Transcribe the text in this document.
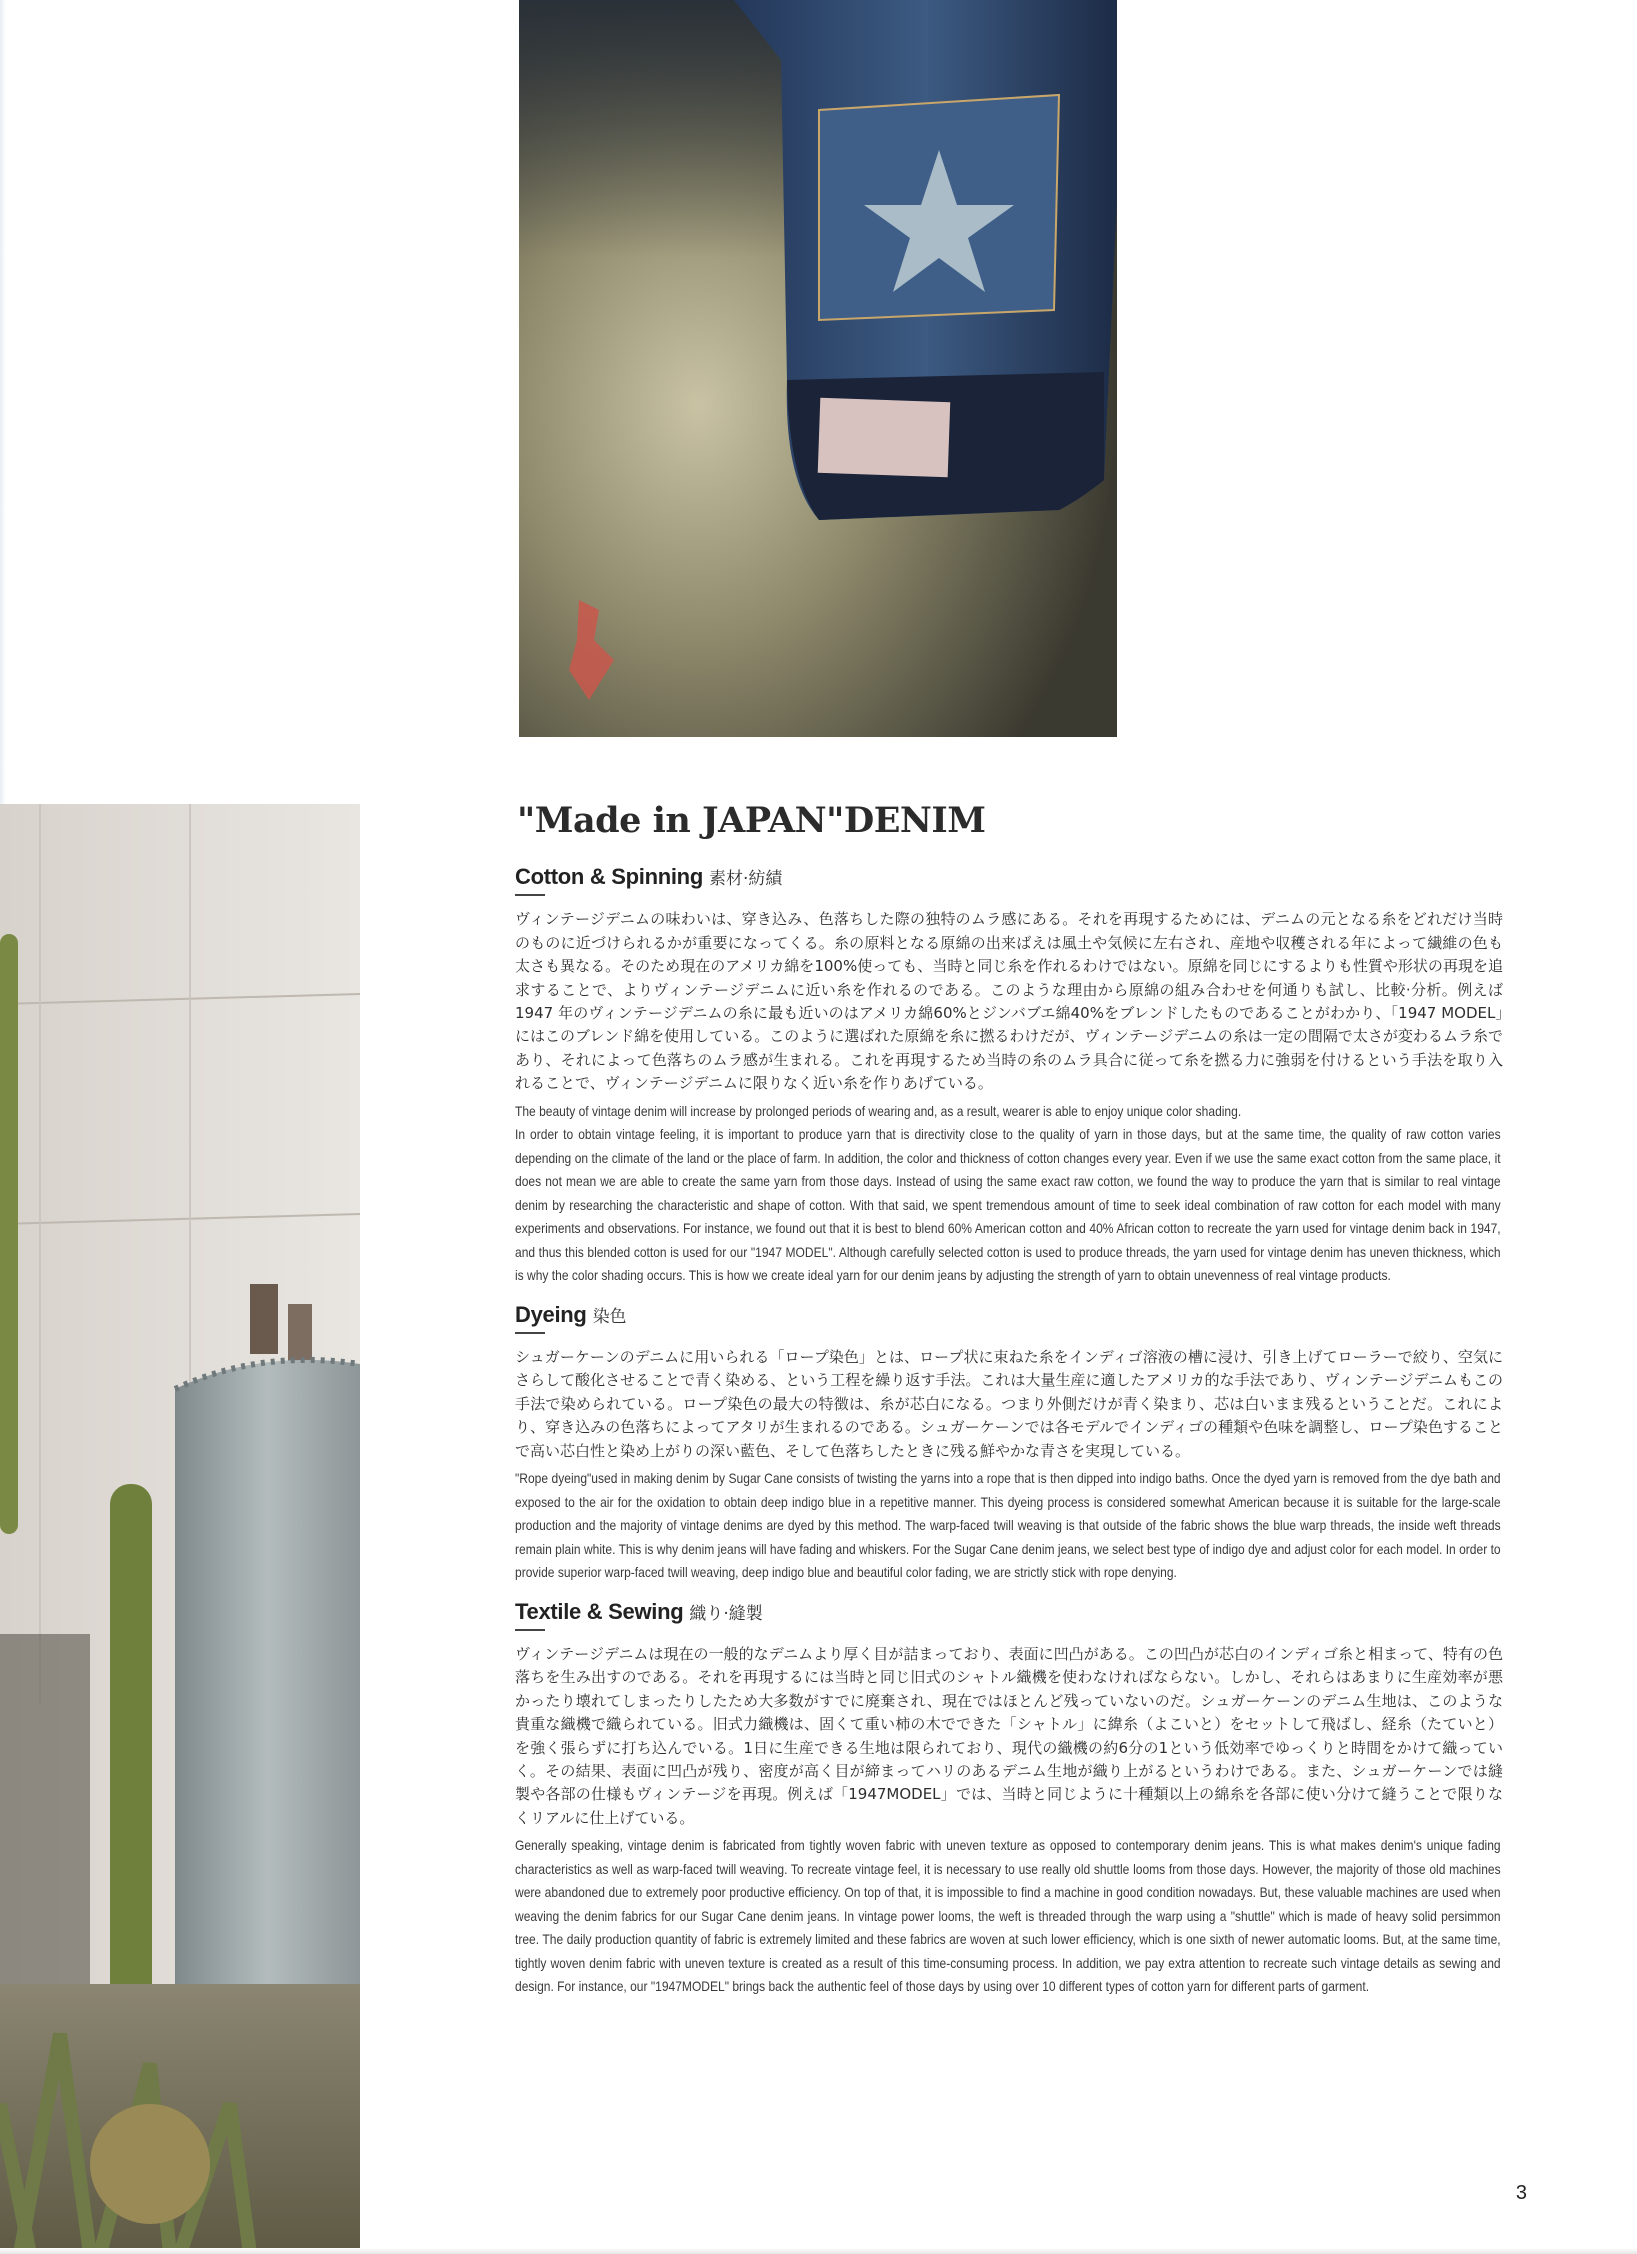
"Made in JAPAN"DENIM
Cotton & Spinning 素材·紡績

ヴィンテージデニムの味わいは、穿き込み、色落ちした際の独特のムラ感にある。それを再現するためには、デニムの元となる糸をどれだけ当時のものに近づけられるかが重要になってくる。糸の原料となる原綿の出来ばえは風土や気候に左右され、産地や収穫される年によって繊維の色も太さも異なる。そのため現在のアメリカ綿を100%使っても、当時と同じ糸を作れるわけではない。原綿を同じにするよりも性質や形状の再現を追求することで、よりヴィンテージデニムに近い糸を作れるのである。このような理由から原綿の組み合わせを何通りも試し、比較·分析。例えば1947 年のヴィンテージデニムの糸に最も近いのはアメリカ綿60%とジンバブエ綿40%をブレンドしたものであることがわかり、「1947 MODEL」にはこのブレンド綿を使用している。このように選ばれた原綿を糸に撚るわけだが、ヴィンテージデニムの糸は一定の間隔で太さが変わるムラ糸であり、それによって色落ちのムラ感が生まれる。これを再現するため当時の糸のムラ具合に従って糸を撚る力に強弱を付けるという手法を取り入れることで、ヴィンテージデニムに限りなく近い糸を作りあげている。

The beauty of vintage denim will increase by prolonged periods of wearing and, as a result, wearer is able to enjoy unique color shading.

In order to obtain vintage feeling, it is important to produce yarn that is directivity close to the quality of yarn in those days, but at the same time, the quality of raw cotton varies depending on the climate of the land or the place of farm. In addition, the color and thickness of cotton changes every year. Even if we use the same exact cotton from the same place, it does not mean we are able to create the same yarn from those days. Instead of using the same exact raw cotton, we found the way to produce the yarn that is similar to real vintage denim by researching the characteristic and shape of cotton. With that said, we spent tremendous amount of time to seek ideal combination of raw cotton for each model with many experiments and observations. For instance, we found out that it is best to blend 60% American cotton and 40% African cotton to recreate the yarn used for vintage denim back in 1947, and thus this blended cotton is used for our "1947 MODEL". Although carefully selected cotton is used to produce threads, the yarn used for vintage denim has uneven thickness, which is why the color shading occurs. This is how we create ideal yarn for our denim jeans by adjusting the strength of yarn to obtain unevenness of real vintage products.

Dyeing 染色

シュガーケーンのデニムに用いられる「ロープ染色」とは、ロープ状に束ねた糸をインディゴ溶液の槽に浸け、引き上げてローラーで絞り、空気にさらして酸化させることで青く染める、という工程を繰り返す手法。これは大量生産に適したアメリカ的な手法であり、ヴィンテージデニムもこの手法で染められている。ロープ染色の最大の特徴は、糸が芯白になる。つまり外側だけが青く染まり、芯は白いまま残るということだ。これにより、穿き込みの色落ちによってアタリが生まれるのである。シュガーケーンでは各モデルでインディゴの種類や色味を調整し、ロープ染色することで高い芯白性と染め上がりの深い藍色、そして色落ちしたときに残る鮮やかな青さを実現している。

"Rope dyeing"used in making denim by Sugar Cane consists of twisting the yarns into a rope that is then dipped into indigo baths. Once the dyed yarn is removed from the dye bath and exposed to the air for the oxidation to obtain deep indigo blue in a repetitive manner. This dyeing process is considered somewhat American because it is suitable for the large-scale production and the majority of vintage denims are dyed by this method. The warp-faced twill weaving is that outside of the fabric shows the blue warp threads, the inside weft threads remain plain white. This is why denim jeans will have fading and whiskers. For the Sugar Cane denim jeans, we select best type of indigo dye and adjust color for each model. In order to provide superior warp-faced twill weaving, deep indigo blue and beautiful color fading, we are strictly stick with rope denying.

Textile & Sewing 織り·縫製

ヴィンテージデニムは現在の一般的なデニムより厚く目が詰まっており、表面に凹凸がある。この凹凸が芯白のインディゴ糸と相まって、特有の色落ちを生み出すのである。それを再現するには当時と同じ旧式のシャトル織機を使わなければならない。しかし、それらはあまりに生産効率が悪かったり壊れてしまったりしたため大多数がすでに廃棄され、現在ではほとんど残っていないのだ。シュガーケーンのデニム生地は、このような貴重な織機で織られている。旧式力織機は、固くて重い柿の木でできた「シャトル」に緯糸（よこいと）をセットして飛ばし、経糸（たていと）を強く張らずに打ち込んでいる。1日に生産できる生地は限られており、現代の織機の約6分の1という低効率でゆっくりと時間をかけて織っていく。その結果、表面に凹凸が残り、密度が高く目が締まってハリのあるデニム生地が織り上がるというわけである。また、シュガーケーンでは縫製や各部の仕様もヴィンテージを再現。例えば「1947MODEL」では、当時と同じように十種類以上の綿糸を各部に使い分けて縫うことで限りなくリアルに仕上げている。

Generally speaking, vintage denim is fabricated from tightly woven fabric with uneven texture as opposed to contemporary denim jeans. This is what makes denim's unique fading characteristics as well as warp-faced twill weaving. To recreate vintage feel, it is necessary to use really old shuttle looms from those days. However, the majority of those old machines were abandoned due to extremely poor productive efficiency. On top of that, it is impossible to find a machine in good condition nowadays. But, these valuable machines are used when weaving the denim fabrics for our Sugar Cane denim jeans. In vintage power looms, the weft is threaded through the warp using a "shuttle" which is made of heavy solid persimmon tree. The daily production quantity of fabric is extremely limited and these fabrics are woven at such lower efficiency, which is one sixth of newer automatic looms. But, at the same time, tightly woven denim fabric with uneven texture is created as a result of this time-consuming process. In addition, we pay extra attention to recreate such vintage details as sewing and design. For instance, our "1947MODEL" brings back the authentic feel of those days by using over 10 different types of cotton yarn for different parts of garment.

3
